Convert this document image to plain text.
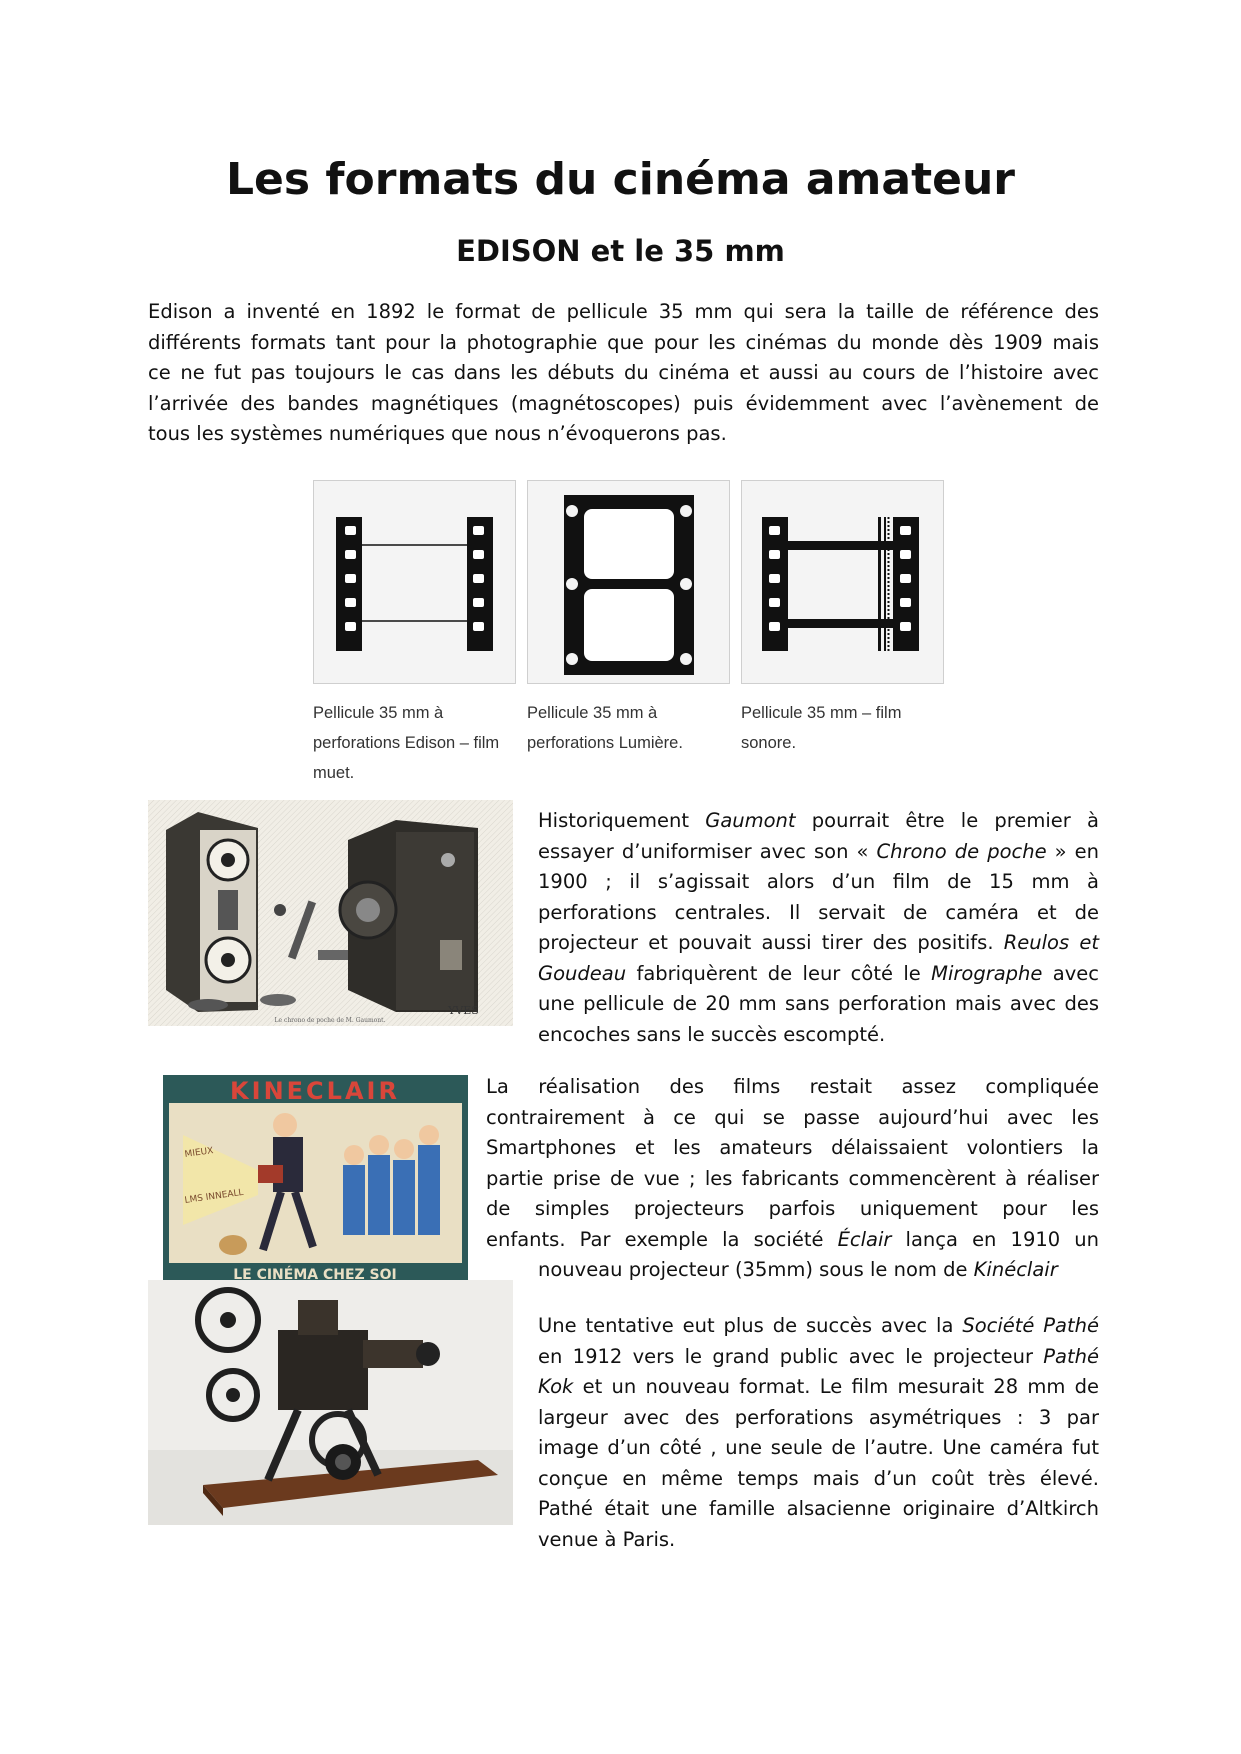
Les formats du cinéma amateur
EDISON et le 35 mm
Edison a inventé en 1892 le format de pellicule 35 mm qui sera la taille de référence des
différents formats tant pour la photographie que pour les cinémas du monde dès 1909 mais
ce ne fut pas toujours le cas dans les débuts du cinéma et aussi au cours de l’histoire avec
l’arrivée des bandes magnétiques (magnétoscopes) puis évidemment avec l’avènement de
tous les systèmes numériques que nous n’évoquerons pas.
Pellicule 35 mm à
perforations Edison – film
muet.
Pellicule 35 mm à
perforations Lumière.
Pellicule 35 mm – film
sonore.
YVES
Le chrono de poche de M. Gaumont.
Historiquement Gaumont pourrait être le premier à
essayer d’uniformiser avec son « Chrono de poche » en
1900 ; il s’agissait alors d’un film de 15 mm à
perforations centrales. Il servait de caméra et de
projecteur et pouvait aussi tirer des positifs. Reulos et
Goudeau fabriquèrent de leur côté le Mirographe avec
une pellicule de 20 mm sans perforation mais avec des
encoches sans le succès escompté.
KINECLAIR
MIEUX
LMS INNEALL
LE CINÉMA CHEZ SOI
La réalisation des films restait assez compliquée
contrairement à ce qui se passe aujourd’hui avec les
Smartphones et les amateurs délaissaient volontiers la
partie prise de vue ; les fabricants commencèrent à réaliser
de simples projecteurs parfois uniquement pour les
enfants. Par exemple la société Éclair lança en 1910 un
nouveau projecteur (35mm) sous le nom de Kinéclair
Une tentative eut plus de succès avec la Société Pathé
en 1912 vers le grand public avec le projecteur Pathé
Kok et un nouveau format. Le film mesurait 28 mm de
largeur avec des perforations asymétriques : 3 par
image d’un côté , une seule de l’autre. Une caméra fut
conçue en même temps mais d’un coût très élevé.
Pathé était une famille alsacienne originaire d’Altkirch
venue à Paris.
